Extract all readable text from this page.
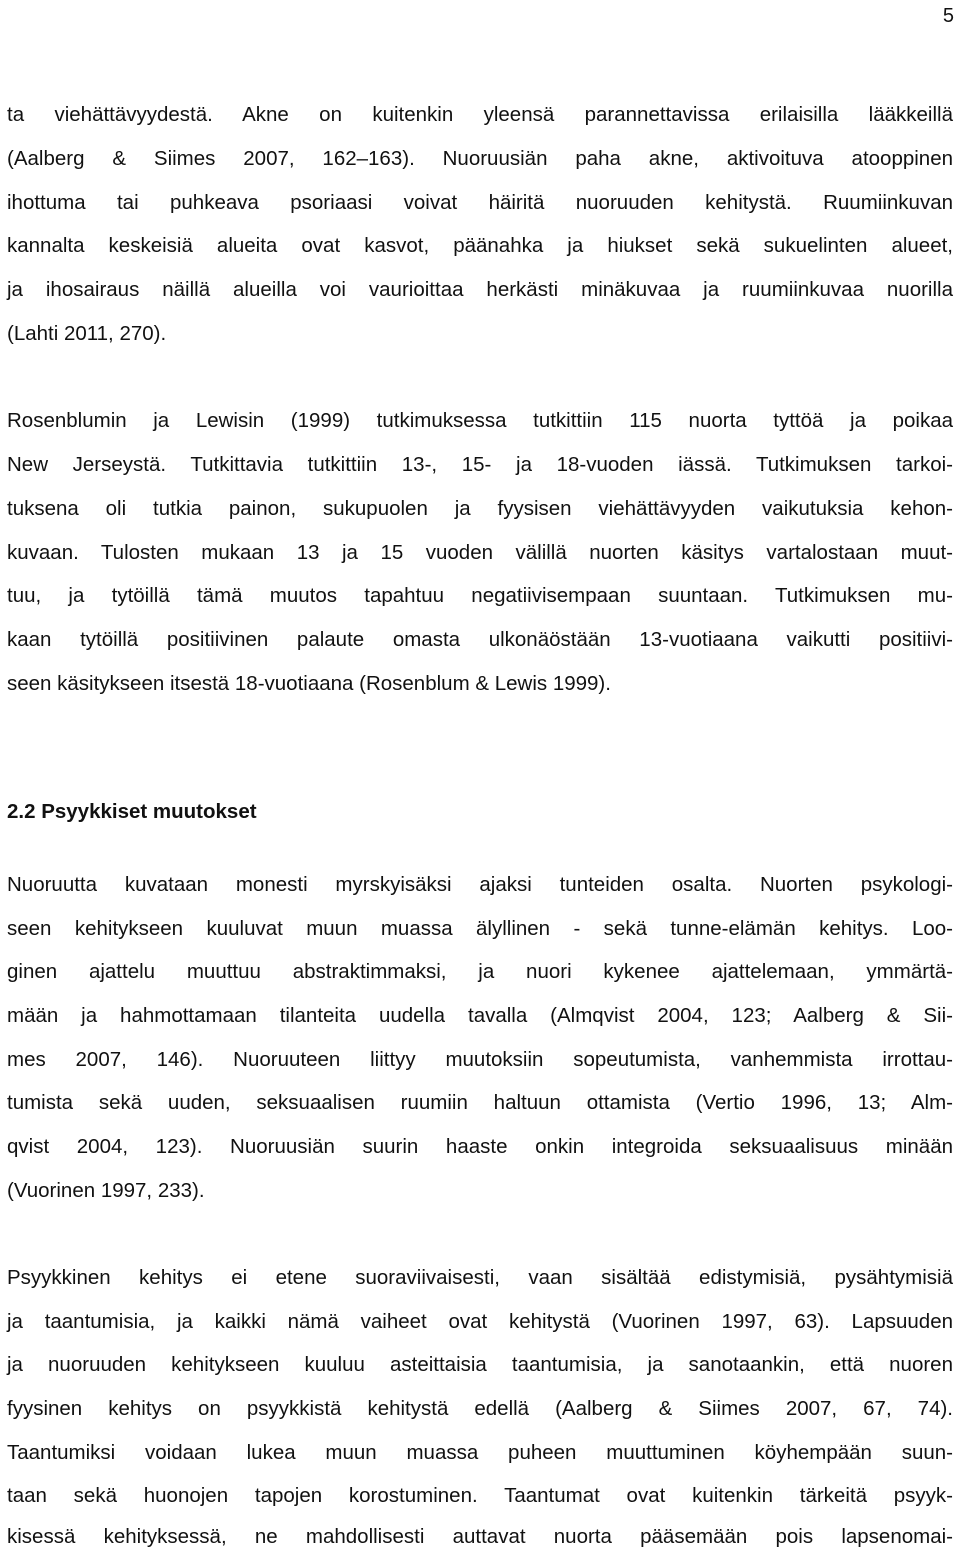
5
ta viehättävyydestä. Akne on kuitenkin yleensä parannettavissa erilaisilla lääkkeillä
(Aalberg & Siimes 2007, 162–163). Nuoruusiän paha akne, aktivoituva atooppinen
ihottuma tai puhkeava psoriaasi voivat häiritä nuoruuden kehitystä. Ruumiinkuvan
kannalta keskeisiä alueita ovat kasvot, päänahka ja hiukset sekä sukuelinten alueet,
ja ihosairaus näillä alueilla voi vaurioittaa herkästi minäkuvaa ja ruumiinkuvaa nuorilla
(Lahti 2011, 270).
Rosenblumin ja Lewisin (1999) tutkimuksessa tutkittiin 115 nuorta tyttöä ja poikaa
New Jerseystä. Tutkittavia tutkittiin 13-, 15- ja 18-vuoden iässä. Tutkimuksen tarkoi-
tuksena oli tutkia painon, sukupuolen ja fyysisen viehättävyyden vaikutuksia kehon-
kuvaan. Tulosten mukaan 13 ja 15 vuoden välillä nuorten käsitys vartalostaan muut-
tuu, ja tytöillä tämä muutos tapahtuu negatiivisempaan suuntaan. Tutkimuksen mu-
kaan tytöillä positiivinen palaute omasta ulkonäöstään 13-vuotiaana vaikutti positiivi-
seen käsitykseen itsestä 18-vuotiaana (Rosenblum & Lewis 1999).
2.2 Psyykkiset muutokset
Nuoruutta kuvataan monesti myrskyisäksi ajaksi tunteiden osalta. Nuorten psykologi-
seen kehitykseen kuuluvat muun muassa älyllinen - sekä tunne-elämän kehitys. Loo-
ginen ajattelu muuttuu abstraktimmaksi, ja nuori kykenee ajattelemaan, ymmärtä-
mään ja hahmottamaan tilanteita uudella tavalla (Almqvist 2004, 123; Aalberg & Sii-
mes 2007, 146). Nuoruuteen liittyy muutoksiin sopeutumista, vanhemmista irrottau-
tumista sekä uuden, seksuaalisen ruumiin haltuun ottamista (Vertio 1996, 13; Alm-
qvist 2004, 123). Nuoruusiän suurin haaste onkin integroida seksuaalisuus minään
(Vuorinen 1997, 233).
Psyykkinen kehitys ei etene suoraviivaisesti, vaan sisältää edistymisiä, pysähtymisiä
ja taantumisia, ja kaikki nämä vaiheet ovat kehitystä (Vuorinen 1997, 63). Lapsuuden
ja nuoruuden kehitykseen kuuluu asteittaisia taantumisia, ja sanotaankin, että nuoren
fyysinen kehitys on psyykkistä kehitystä edellä (Aalberg & Siimes 2007, 67, 74).
Taantumiksi voidaan lukea muun muassa puheen muuttuminen köyhempään suun-
taan sekä huonojen tapojen korostuminen. Taantumat ovat kuitenkin tärkeitä psyyk-
kisessä kehityksessä, ne mahdollisesti auttavat nuorta pääsemään pois lapsenomai-
